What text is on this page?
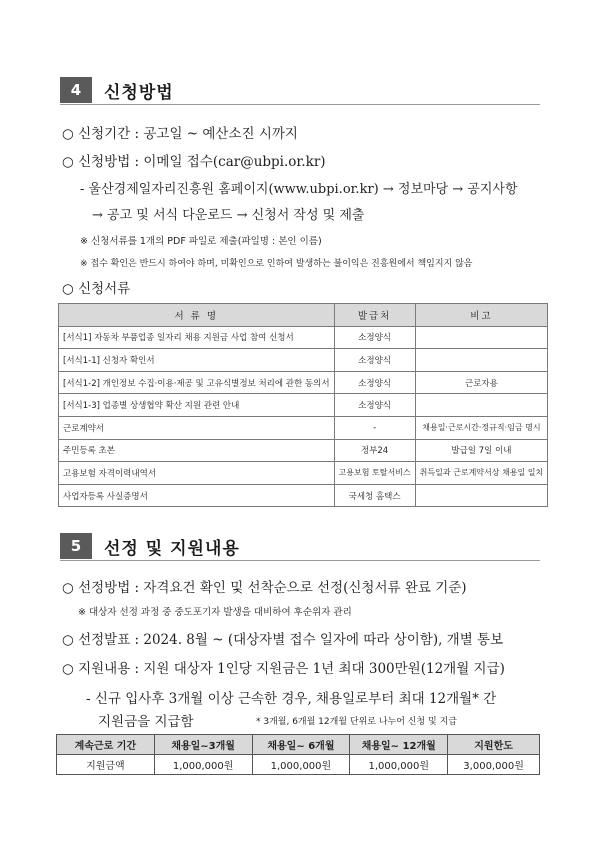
4	신청방법
○ 신청기간 : 공고일 ~ 예산소진 시까지
○ 신청방법 : 이메일 접수(car@ubpi.or.kr)
- 울산경제일자리진흥원 홈페이지(www.ubpi.or.kr) → 정보마당 → 공지사항
→ 공고 및 서식 다운로드 → 신청서 작성 및 제출
※ 신청서류를 1개의 PDF 파일로 제출(파일명 : 본인 이름)
※ 접수 확인은 반드시 하여야 하며, 미확인으로 인하여 발생하는 불이익은 진흥원에서 책임지지 않음
○ 신청서류
서 류 명	발급처	비고
[서식1] 자동차 부품업종 일자리 채용 지원금 사업 참여 신청서	소정양식	
[서식1-1] 신청자 확인서	소정양식	
[서식1-2] 개인정보 수집·이용·제공 및 고유식별정보 처리에 관한 동의서	소정양식	근로자용
[서식1-3] 업종별 상생협약 확산 지원 관련 안내	소정양식	
근로계약서	-	채용일·근로시간·정규직·임금 명시
주민등록 초본	정부24	발급일 7일 이내
고용보험 자격이력내역서	고용보험 토탈서비스	취득일과 근로계약서상 채용일 일치
사업자등록 사실증명서	국세청 홈택스	
5	선정 및 지원내용
○ 선정방법 : 자격요건 확인 및 선착순으로 선정(신청서류 완료 기준)
※ 대상자 선정 과정 중 중도포기자 발생을 대비하여 후순위자 관리
○ 선정발표 : 2024. 8월 ~ (대상자별 접수 일자에 따라 상이함), 개별 통보
○ 지원내용 : 지원 대상자 1인당 지원금은 1년 최대 300만원(12개월 지급)
- 신규 입사후 3개월 이상 근속한 경우, 채용일로부터 최대 12개월* 간
지원금을 지급함	* 3개월, 6개월 12개월 단위로 나누어 신청 및 지급
계속근로 기간	채용일~3개월	채용일~ 6개월	채용일~ 12개월	지원한도
지원금액	1,000,000원	1,000,000원	1,000,000원	3,000,000원
